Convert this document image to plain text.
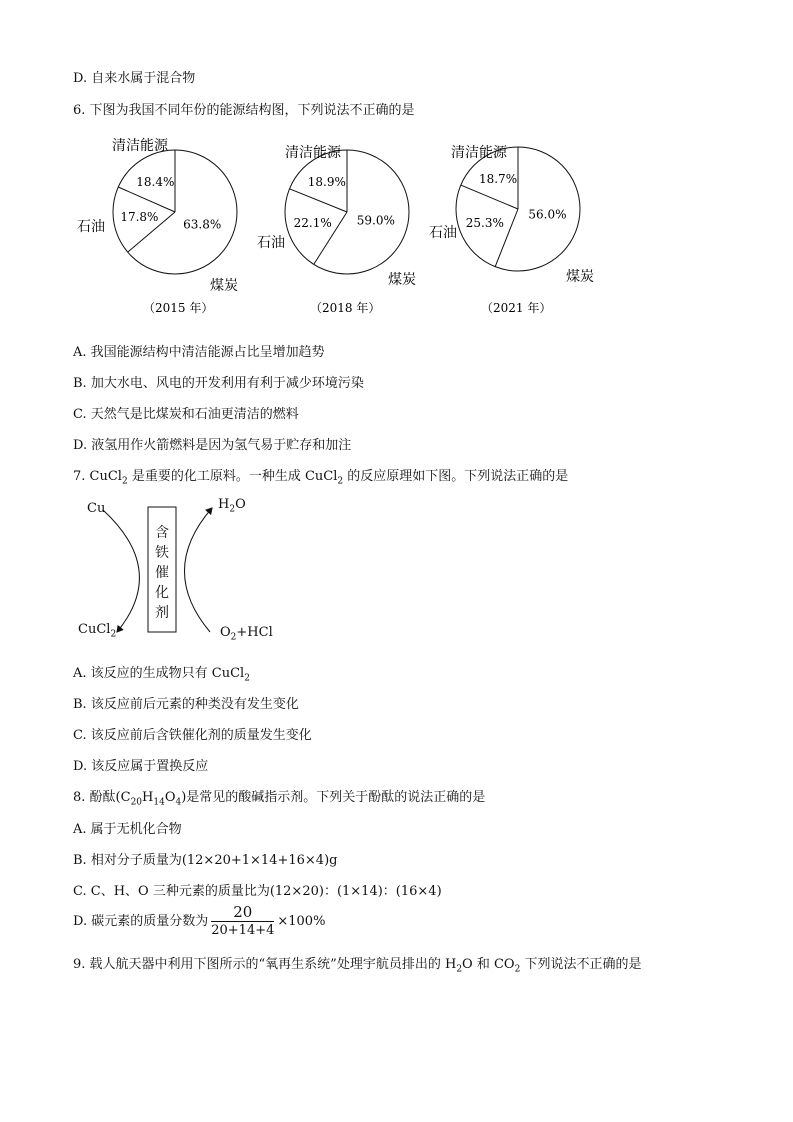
D. 自来水属于混合物
6. 下图为我国不同年份的能源结构图，下列说法不正确的是
63.8%
17.8%
18.4%
清洁能源
石油
煤炭
（2015 年）
59.0%
22.1%
18.9%
清洁能源
石油
煤炭
（2018 年）
56.0%
25.3%
18.7%
清洁能源
石油
煤炭
（2021 年）
A. 我国能源结构中清洁能源占比呈增加趋势
B. 加大水电、风电的开发利用有利于减少环境污染
C. 天然气是比煤炭和石油更清洁的燃料
D. 液氢用作火箭燃料是因为氢气易于贮存和加注
7. CuCl$_2$ 是重要的化工原料。一种生成 CuCl$_2$ 的反应原理如下图。下列说法正确的是
Cu	$H_2O$
CuCl$_2$	$O_2+HCl$
含
铁
催
化
剂
A. 该反应的生成物只有 CuCl$_2$
B. 该反应前后元素的种类没有发生变化
C. 该反应前后含铁催化剂的质量发生变化
D. 该反应属于置换反应
8. 酚酞$(C_{20}H_{14}O_4)$是常见的酸碱指示剂。下列关于酚酞的说法正确的是
A. 属于无机化合物
B. 相对分子质量为(12×20+1×14+16×4)g
C. C、H、O 三种元素的质量比为(12×20)：(1×14)：(16×4)
D. 碳元素的质量分数为 $\frac{20}{20+14+4} \times 100\%$
9. 载人航天器中利用下图所示的“氧再生系统”处理宇航员排出的 $H_2O$ 和 $CO_2$ 下列说法不正确的是
